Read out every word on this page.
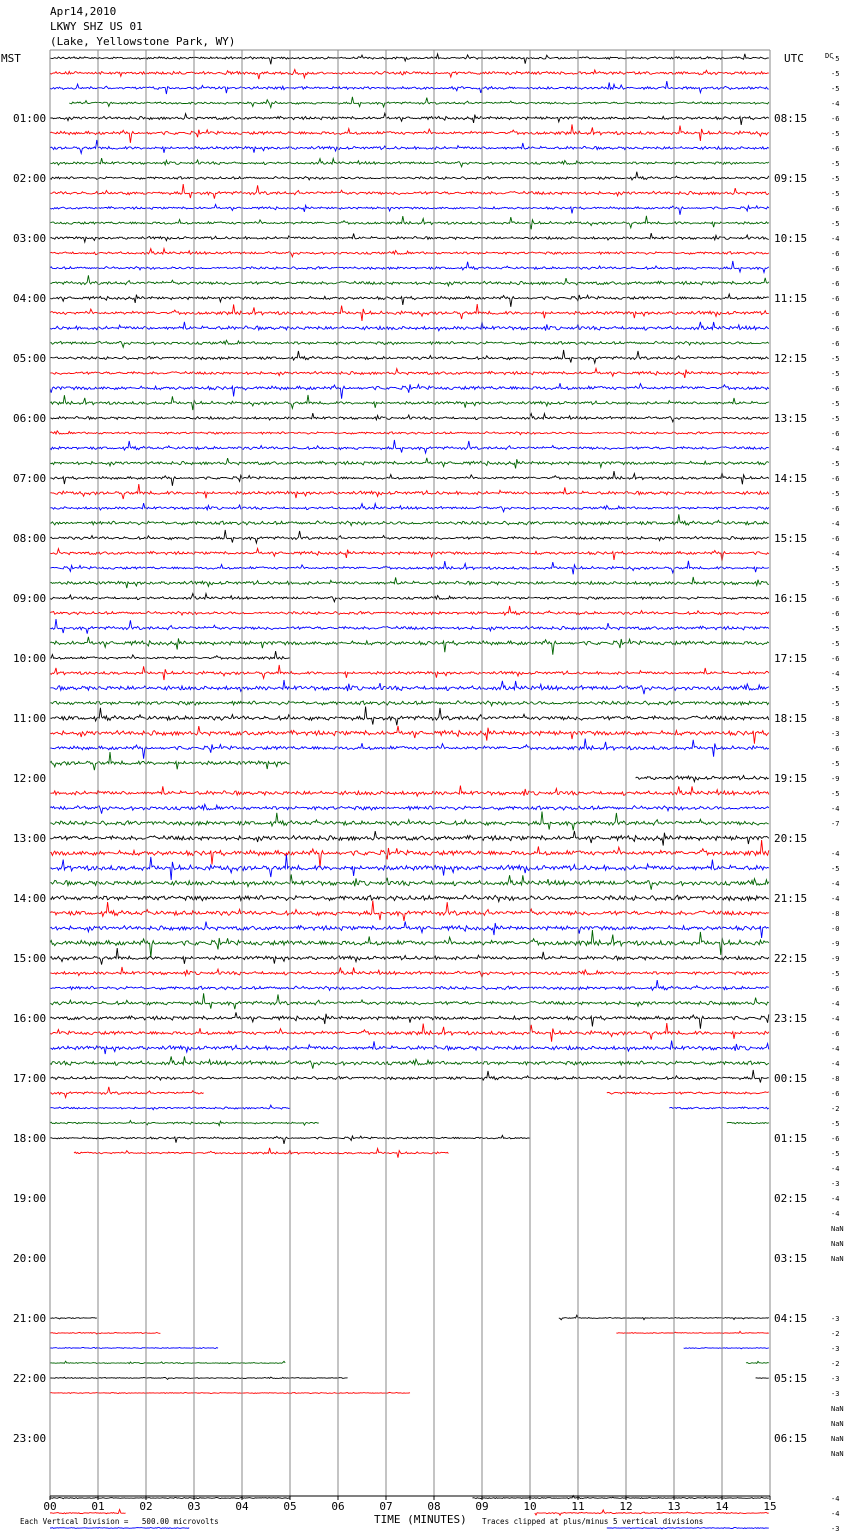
Apr14,2010
LKWY SHZ US 01
(Lake, Yellowstone Park, WY)
MST	UTC	DC
01:00
02:00
03:00
04:00
05:00
06:00
07:00
08:00
09:00
10:00
11:00
12:00
13:00
14:00
15:00
16:00
17:00
18:00
19:00
20:00
21:00
22:00
23:00
08:15
09:15
10:15
11:15
12:15
13:15
14:15
15:15
16:15
17:15
18:15
19:15
20:15
21:15
22:15
23:15
00:15
01:15
02:15
03:15
04:15
05:15
06:15
-5
-5
-5
-4
-6
-5
-6
-5
-5
-5
-6
-5
-4
-6
-6
-6
-6
-6
-6
-6
-5
-5
-6
-5
-5
-6
-4
-5
-6
-5
-6
-4
-6
-4
-5
-5
-6
-6
-5
-5
-6
-4
-5
-5
-8
-3
-6
-5
-9
-5
-4
-7
-4
-5
-4
-4
-8
-0
-9
-9
-5
-6
-4
-4
-6
-4
-4
-8
-6
-2
-5
-6
-5
-4
-3
-4
-4
NaN
NaN
NaN
-3
-2
-3
-2
-3
-3
NaN
NaN
NaN
NaN
-4
-4
-3
00	01	02	03	04	05	06	07	08	09	10	11	12	13	14	15
TIME (MINUTES)
Each Vertical Division =   500.00 microvolts	Traces clipped at plus/minus 5 vertical divisions
